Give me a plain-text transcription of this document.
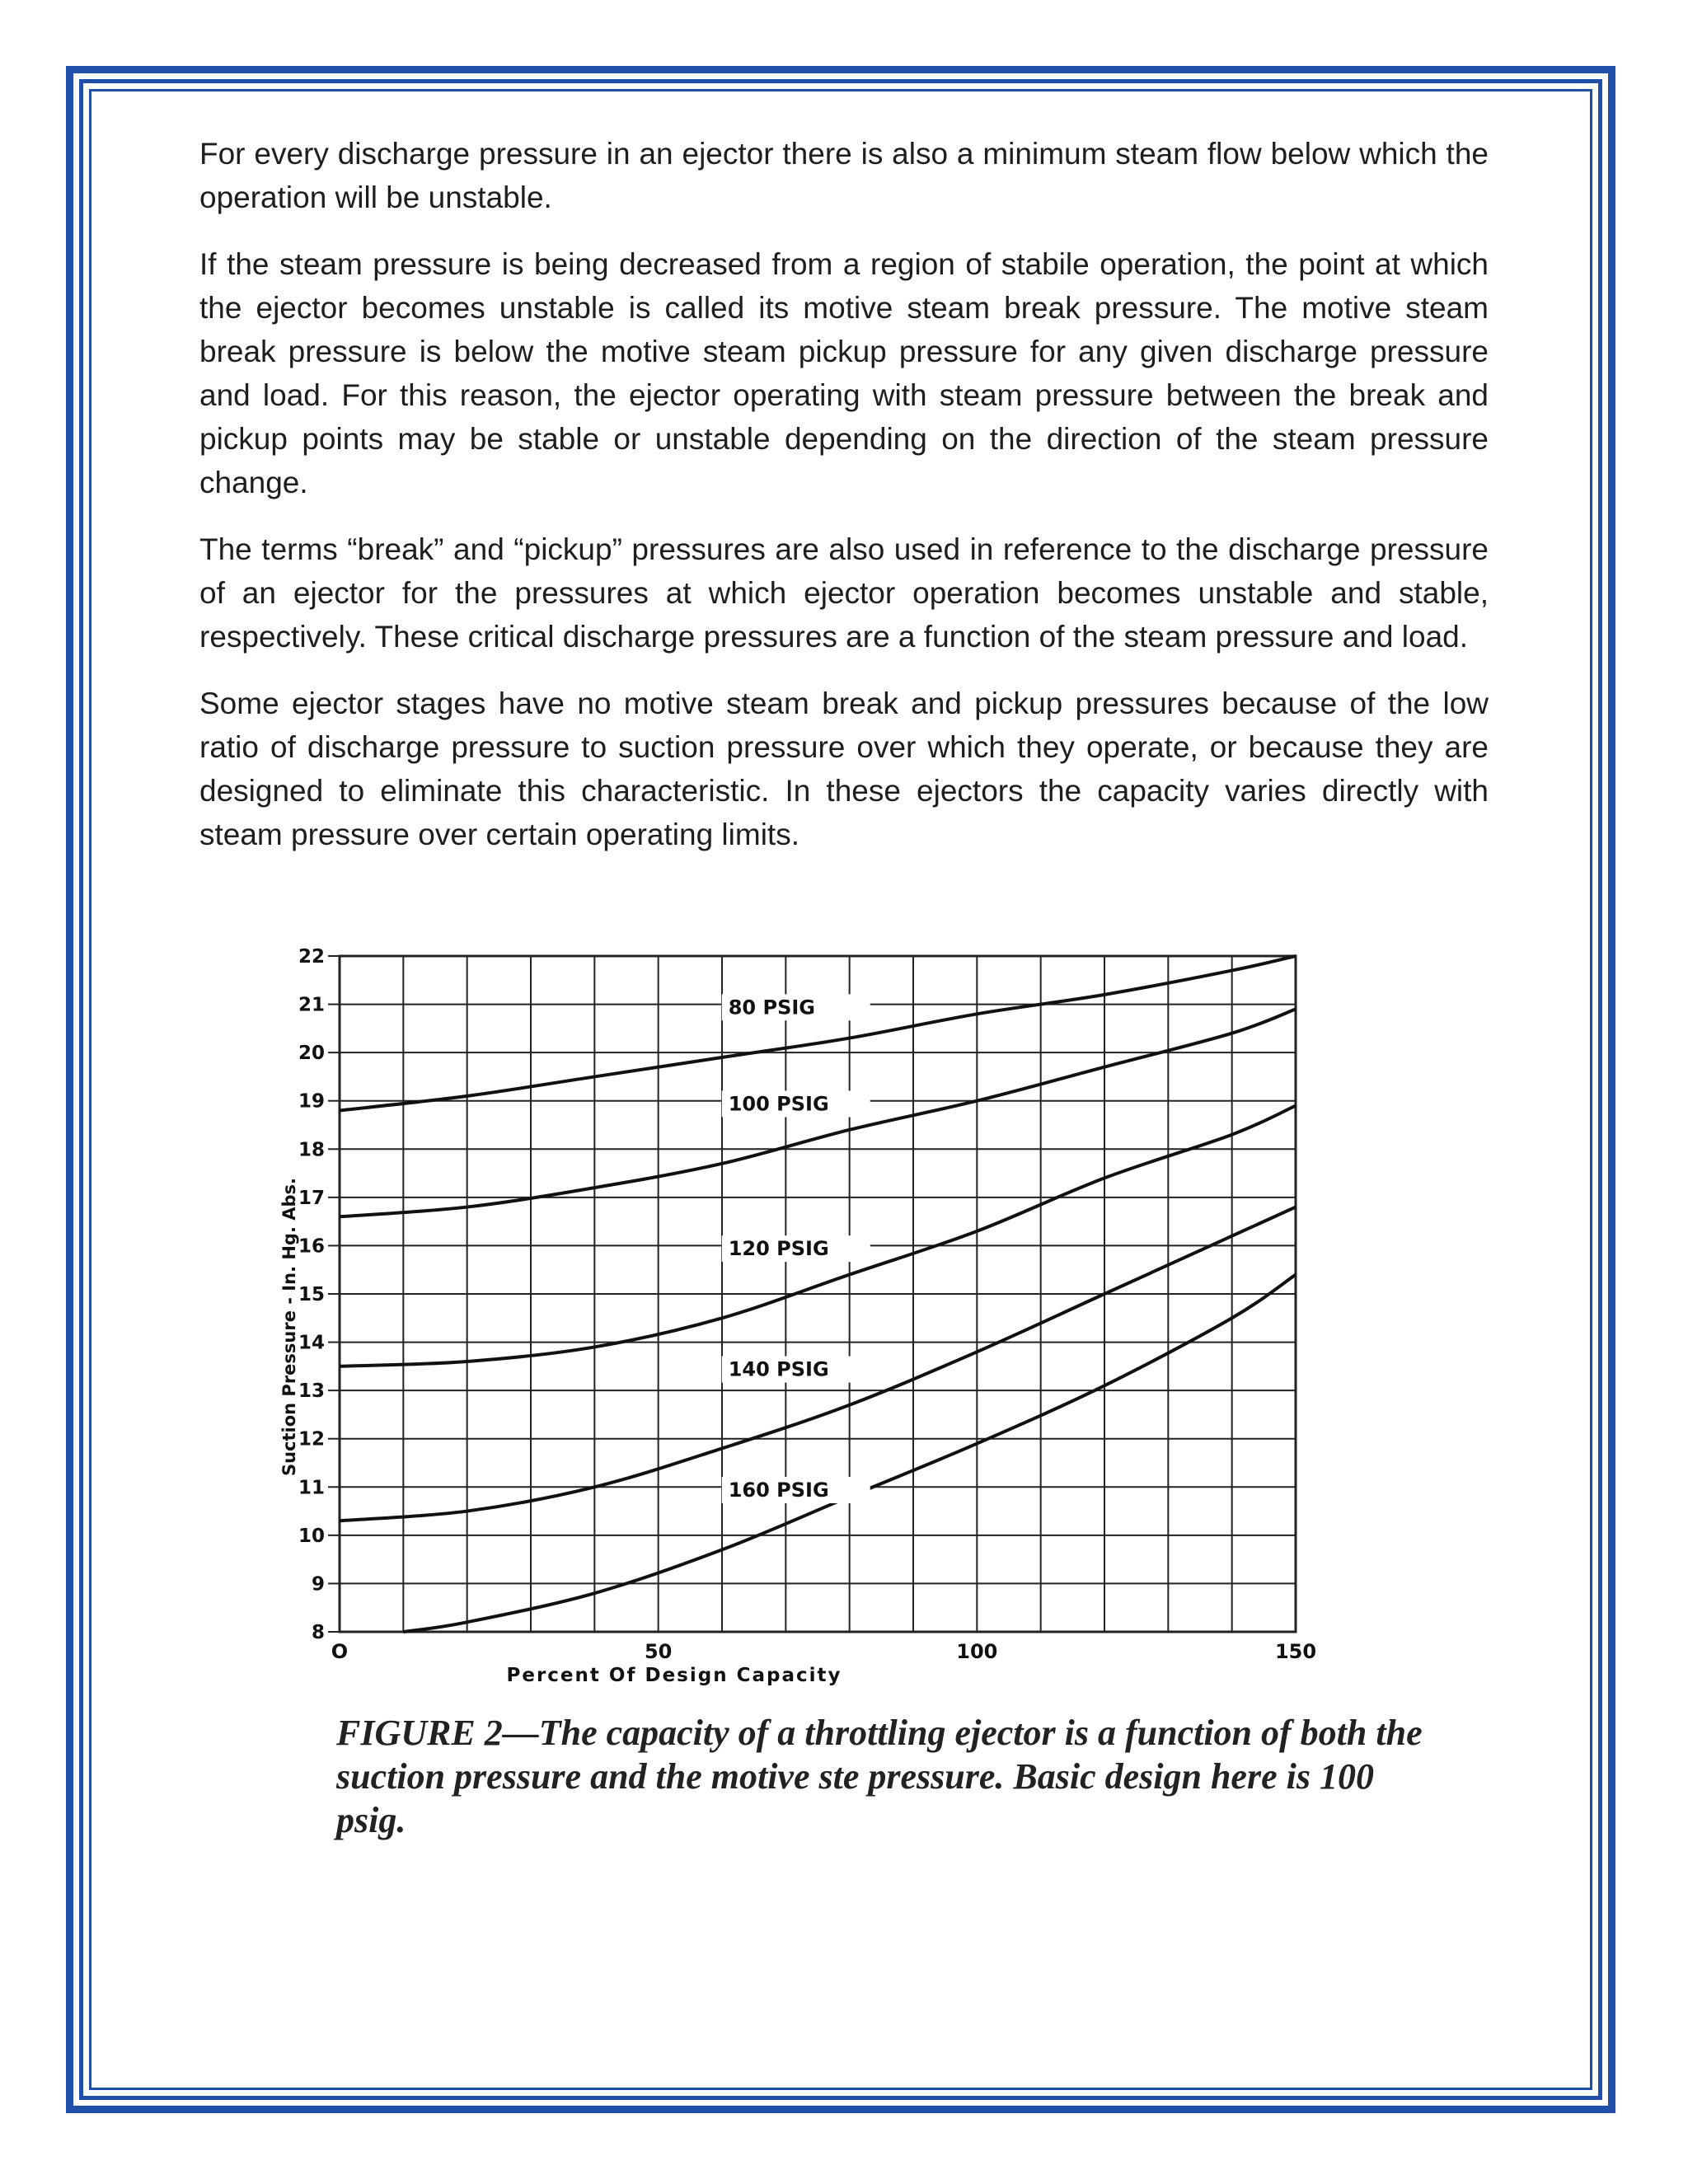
For every discharge pressure in an ejector there is also a minimum steam flow below which the operation will be unstable.

If the steam pressure is being decreased from a region of stabile operation, the point at which the ejector becomes unstable is called its motive steam break pressure. The motive steam break pressure is below the motive steam pickup pressure for any given discharge pressure and load. For this reason, the ejector operating with steam pressure between the break and pickup points may be stable or unstable depending on the direction of the steam pressure change.

The terms “break” and “pickup” pressures are also used in reference to the discharge pressure of an ejector for the pressures at which ejector operation becomes unstable and stable, respectively. These critical discharge pressures are a function of the steam pressure and load.

Some ejector stages have no motive steam break and pickup pressures because of the low ratio of discharge pressure to suction pressure over which they operate, or because they are designed to eliminate this characteristic. In these ejectors the capacity varies directly with steam pressure over certain operating limits.

8
9
10
11
12
13
14
15
16
17
18
19
20
21
22
O	50	100	150
Percent Of Design Capacity
Suction Pressure - In. Hg. Abs.
80 PSIG
100 PSIG
120 PSIG
140 PSIG
160 PSIG

FIGURE 2—The capacity of a throttling ejector is a function of both the suction pressure and the motive ste pressure. Basic design here is 100 psig.
